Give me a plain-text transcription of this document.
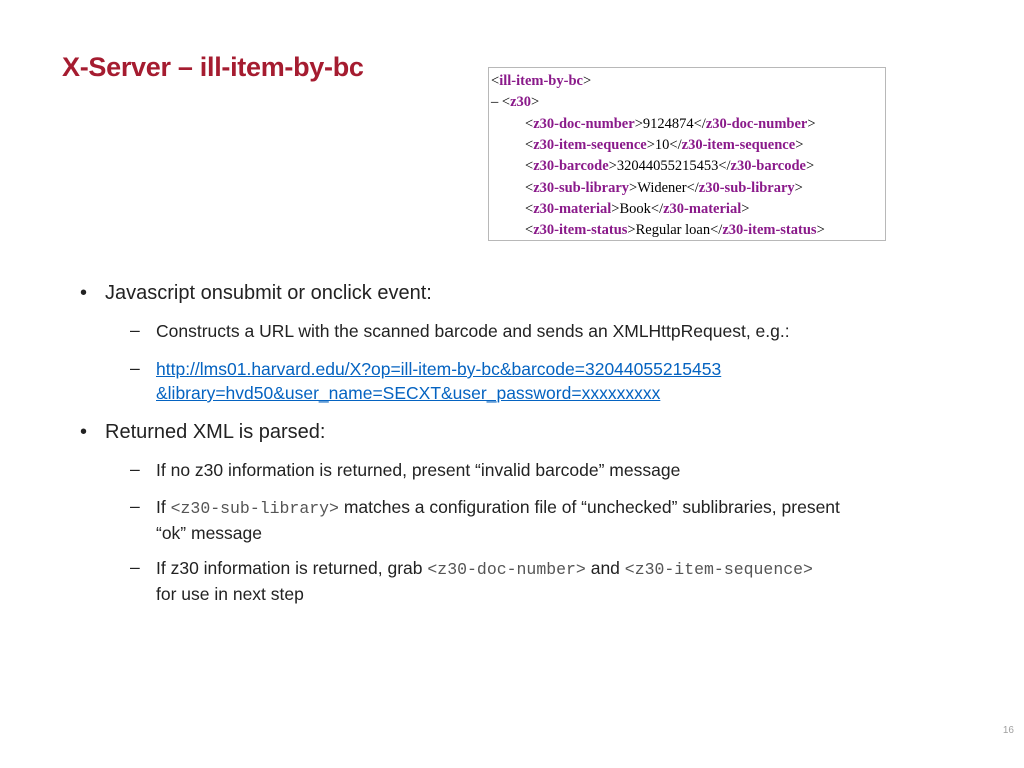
X-Server – ill-item-by-bc	<ill-item-by-bc>
– <z30>
<z30-doc-number>9124874</z30-doc-number>
<z30-item-sequence>10</z30-item-sequence>
<z30-barcode>32044055215453</z30-barcode>
<z30-sub-library>Widener</z30-sub-library>
<z30-material>Book</z30-material>
<z30-item-status>Regular loan</z30-item-status>
• Javascript onsubmit or onclick event:
– Constructs a URL with the scanned barcode and sends an XMLHttpRequest, e.g.:
– http://lms01.harvard.edu/X?op=ill-item-by-bc&barcode=32044055215453
&library=hvd50&user_name=SECXT&user_password=xxxxxxxxx
• Returned XML is parsed:
– If no z30 information is returned, present “invalid barcode” message
– If <z30-sub-library> matches a configuration file of “unchecked” sublibraries, present
“ok” message
– If z30 information is returned, grab <z30-doc-number> and <z30-item-sequence>
for use in next step
16
